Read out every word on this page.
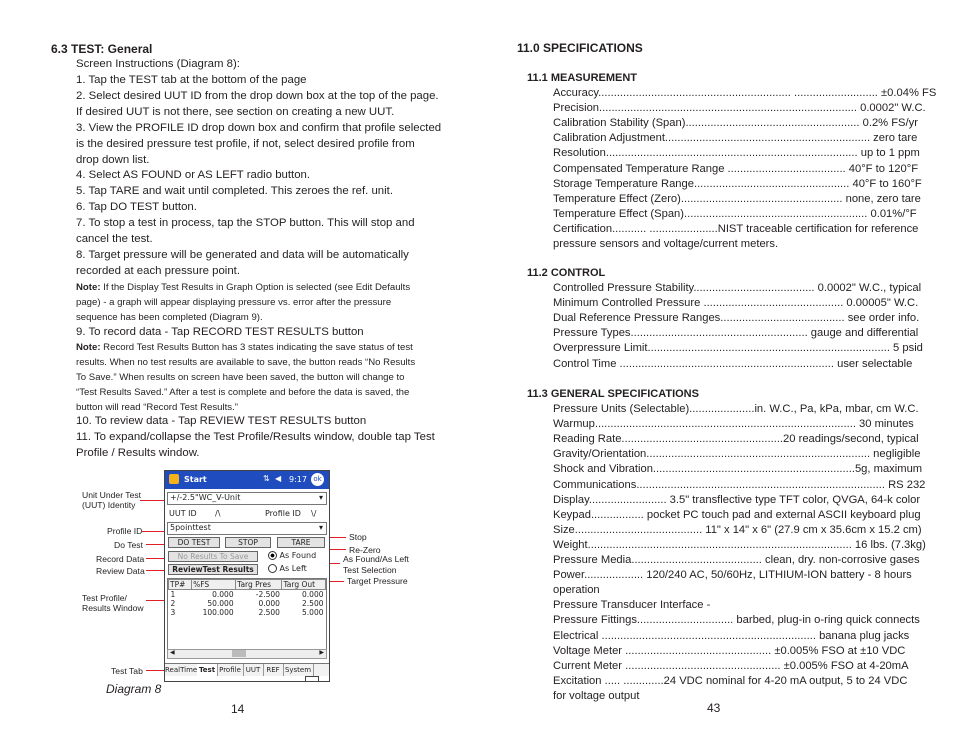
6.3 TEST: General
Screen Instructions (Diagram 8):
1. Tap the TEST tab at the bottom of the page
2. Select desired UUT ID from the drop down box at the top of the page.
If desired UUT is not there, see section on creating a new UUT.
3. View the PROFILE ID drop down box and confirm that profile selected
is the desired pressure test profile, if not, select desired profile from
drop down list.
4. Select AS FOUND or AS LEFT radio button.
5. Tap TARE and wait until completed. This zeroes the ref. unit.
6. Tap DO TEST button.
7. To stop a test in process, tap the STOP button. This will stop and
cancel the test.
8. Target pressure will be generated and data will be automatically
recorded at each pressure point.
Note: If the Display Test Results in Graph Option is selected (see Edit Defaults
page) - a graph will appear displaying pressure vs. error after the pressure
sequence has been completed (Diagram 9).
9. To record data - Tap RECORD TEST RESULTS button
Note: Record Test Results Button has 3 states indicating the save status of test
results. When no test results are available to save, the button reads “No Results
To Save.” When results on screen have been saved, the button will change to
“Test Results Saved.” After a test is complete and before the data is saved, the
button will read “Record Test Results.”
10. To review data - Tap REVIEW TEST RESULTS button
11. To expand/collapse the Test Profile/Results window, double tap Test
Profile / Results window.
Unit Under Test
(UUT) Identity
Profile ID
Do Test
Record Data
Review Data
Test Profile/
Results Window
Test Tab
Stop
Re-Zero
As Found/As Left
Test Selection
Target Pressure
Start	⇅ ◀ 9:17 ok
+/-2.5"WC_V-Unit	▾
UUT ID /\	Profile ID \/
5pointtest	▾
DO TEST	STOP	TARE
No Results To Save
ReviewTest Results
As Found
As Left
TP#	%FS	Targ Pres	Targ Out
1	0.000	-2.500	0.000
2	50.000	0.000	2.500
3	100.000	2.500	5.000
◀	▶
RealTime Test Profile UUT REF System
Diagram 8
14
11.0 SPECIFICATIONS
11.1 MEASUREMENT
Accuracy.............................................................. ........................... ±0.04% FS
Precision................................................................................... 0.0002" W.C.
Calibration Stability (Span)........................................................ 0.2% FS/yr
Calibration Adjustment.................................................................. zero tare
Resolution................................................................................. up to 1 ppm
Compensated Temperature Range ...................................... 40°F to 120°F
Storage Temperature Range.................................................. 40°F to 160°F
Temperature Effect (Zero).................................................... none, zero tare
Temperature Effect (Span)........................................................... 0.01%/°F
Certification........... ......................NIST traceable certification for reference
pressure sensors and voltage/current meters.
11.2 CONTROL
Controlled Pressure Stability....................................... 0.0002" W.C., typical
Minimum Controlled Pressure ............................................. 0.00005" W.C.
Dual Reference Pressure Ranges........................................ see order info.
Pressure Types......................................................... gauge and differential
Overpressure Limit.............................................................................. 5 psid
Control Time ..................................................................... user selectable
11.3 GENERAL SPECIFICATIONS
Pressure Units (Selectable).....................in. W.C., Pa, kPa, mbar, cm W.C.
Warmup.................................................................................... 30 minutes
Reading Rate....................................................20 readings/second, typical
Gravity/Orientation........................................................................ negligible
Shock and Vibration.................................................................5g, maximum
Communications................................................................................ RS 232
Display......................... 3.5" transflective type TFT color, QVGA, 64-k color
Keypad................. pocket PC touch pad and external ASCII keyboard plug
Size......................................... 11" x 14" x 6" (27.9 cm x 35.6cm x 15.2 cm)
Weight..................................................................................... 16 lbs. (7.3kg)
Pressure Media.......................................... clean, dry. non-corrosive gases
Power................... 120/240 AC, 50/60Hz, LITHIUM-ION battery - 8 hours
operation
Pressure Transducer Interface -
Pressure Fittings............................... barbed, plug-in o-ring quick connects
Electrical ..................................................................... banana plug jacks
Voltage Meter ............................................... ±0.005% FSO at ±10 VDC
Current Meter .................................................. ±0.005% FSO at 4-20mA
Excitation ..... .............24 VDC nominal for 4-20 mA output, 5 to 24 VDC
for voltage output
43
